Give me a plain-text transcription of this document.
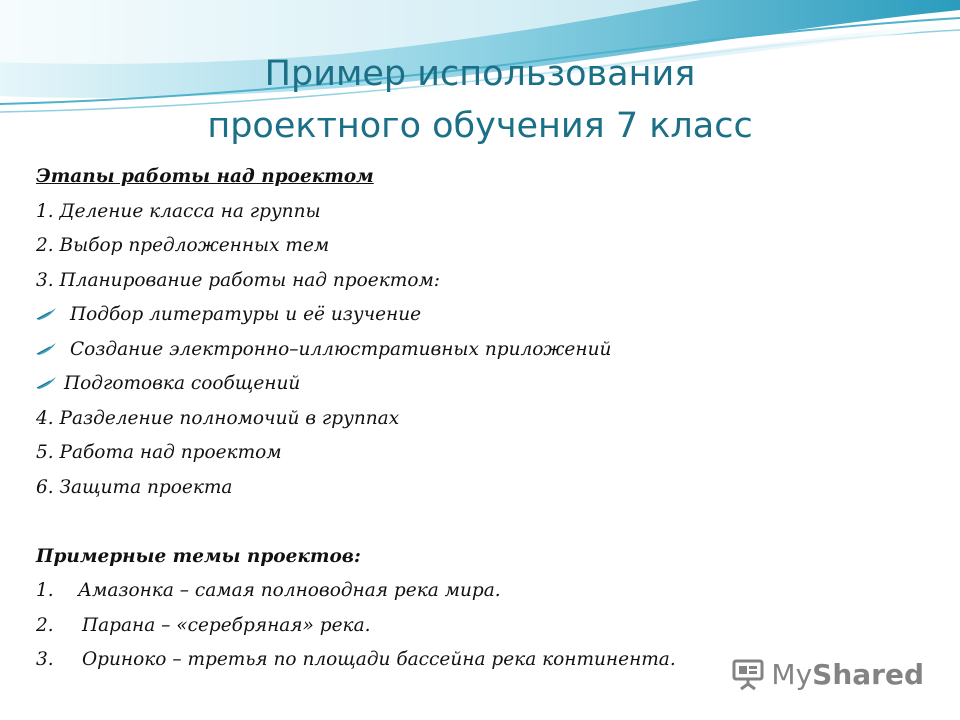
Пример использования
проектного обучения 7 класс
Этапы работы над проектом
1. Деление класса на группы
2. Выбор предложенных тем
3. Планирование работы над проектом:
Подбор литературы и её изучение
Создание электронно–иллюстративных приложений
Подготовка сообщений
4. Разделение полномочий в группах
5. Работа над проектом
6. Защита проекта
Примерные темы проектов:
1. Амазонка – самая полноводная река мира.
2. Парана – «серебряная» река.
3. Ориноко – третья по площади бассейна река континента.	My Shared
